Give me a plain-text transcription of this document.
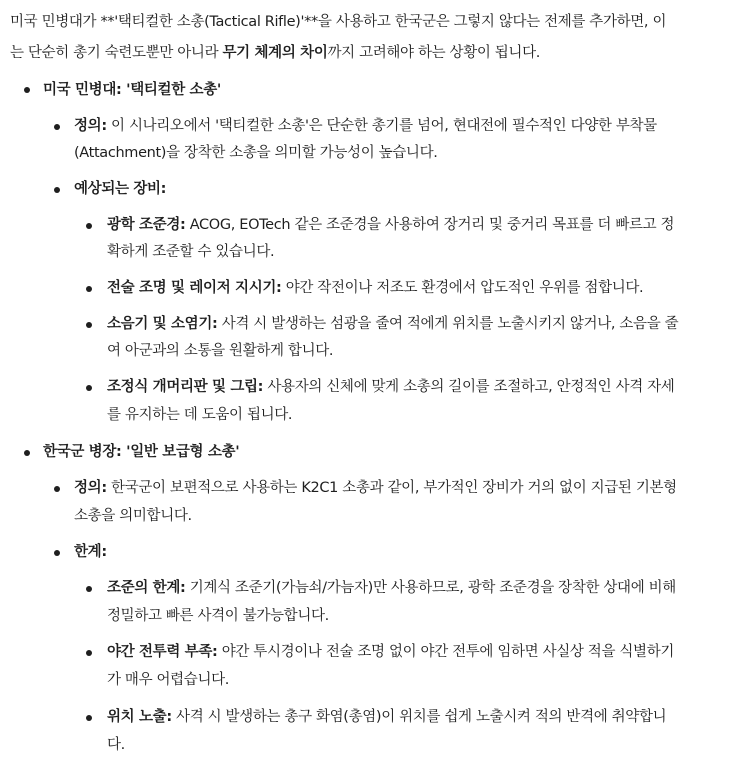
미국 민병대가 **'택티컬한 소총(Tactical Rifle)'**을 사용하고 한국군은 그렇지 않다는 전제를 추가하면, 이
는 단순히 총기 숙련도뿐만 아니라 무기 체계의 차이까지 고려해야 하는 상황이 됩니다.
미국 민병대: '택티컬한 소총'
정의: 이 시나리오에서 '택티컬한 소총'은 단순한 총기를 넘어, 현대전에 필수적인 다양한 부착물
(Attachment)을 장착한 소총을 의미할 가능성이 높습니다.
예상되는 장비:
광학 조준경: ACOG, EOTech 같은 조준경을 사용하여 장거리 및 중거리 목표를 더 빠르고 정
확하게 조준할 수 있습니다.
전술 조명 및 레이저 지시기: 야간 작전이나 저조도 환경에서 압도적인 우위를 점합니다.
소음기 및 소염기: 사격 시 발생하는 섬광을 줄여 적에게 위치를 노출시키지 않거나, 소음을 줄
여 아군과의 소통을 원활하게 합니다.
조정식 개머리판 및 그립: 사용자의 신체에 맞게 소총의 길이를 조절하고, 안정적인 사격 자세
를 유지하는 데 도움이 됩니다.
한국군 병장: '일반 보급형 소총'
정의: 한국군이 보편적으로 사용하는 K2C1 소총과 같이, 부가적인 장비가 거의 없이 지급된 기본형
소총을 의미합니다.
한계:
조준의 한계: 기계식 조준기(가늠쇠/가늠자)만 사용하므로, 광학 조준경을 장착한 상대에 비해
정밀하고 빠른 사격이 불가능합니다.
야간 전투력 부족: 야간 투시경이나 전술 조명 없이 야간 전투에 임하면 사실상 적을 식별하기
가 매우 어렵습니다.
위치 노출: 사격 시 발생하는 총구 화염(총염)이 위치를 쉽게 노출시켜 적의 반격에 취약합니
다.
